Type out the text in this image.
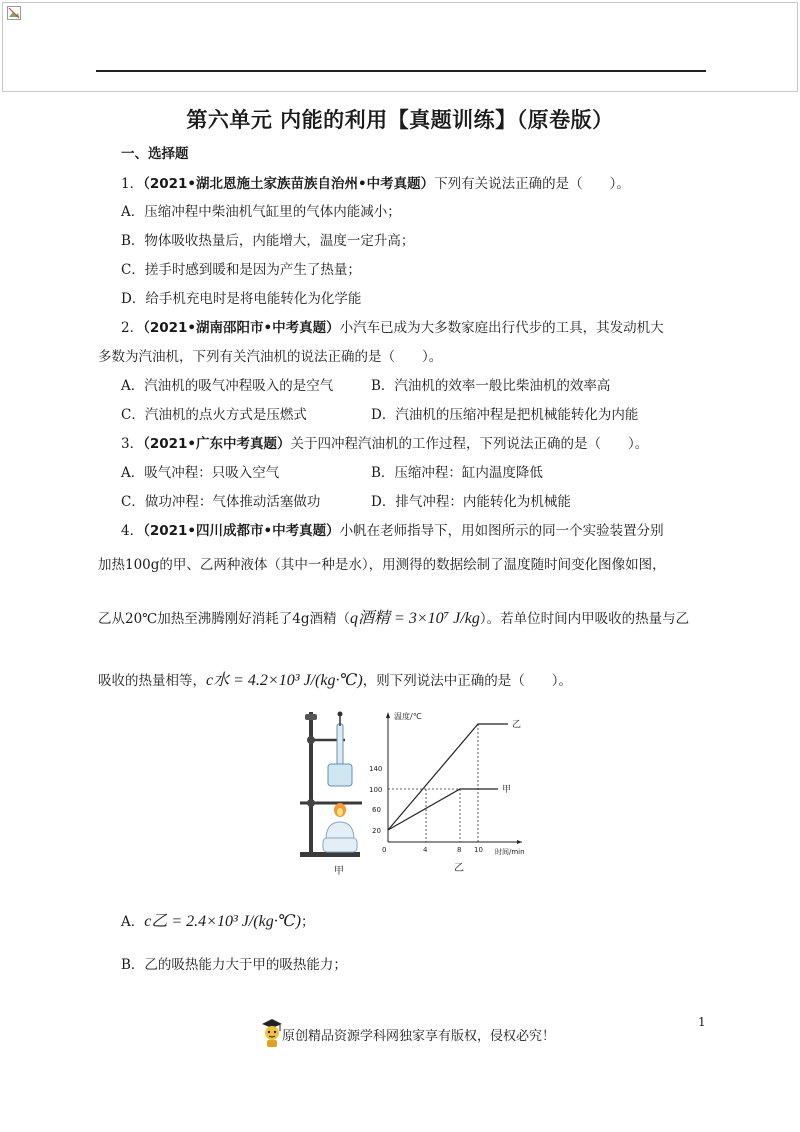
第六单元 内能的利用【真题训练】（原卷版）
一、选择题
1．（2021•湖北恩施土家族苗族自治州•中考真题）下列有关说法正确的是（　　）。
A．压缩冲程中柴油机气缸里的气体内能减小；
B．物体吸收热量后，内能增大，温度一定升高；
C．搓手时感到暖和是因为产生了热量；
D．给手机充电时是将电能转化为化学能
2．（2021•湖南邵阳市•中考真题）小汽车已成为大多数家庭出行代步的工具，其发动机大
多数为汽油机，下列有关汽油机的说法正确的是（　　）。
A．汽油机的吸气冲程吸入的是空气	B．汽油机的效率一般比柴油机的效率高
C．汽油机的点火方式是压燃式	D．汽油机的压缩冲程是把机械能转化为内能
3．（2021•广东中考真题）关于四冲程汽油机的工作过程，下列说法正确的是（　　）。
A．吸气冲程：只吸入空气	B．压缩冲程：缸内温度降低
C．做功冲程：气体推动活塞做功	D．排气冲程：内能转化为机械能
4．（2021•四川成都市•中考真题）小帆在老师指导下，用如图所示的同一个实验装置分别
加热100g的甲、乙两种液体（其中一种是水），用测得的数据绘制了温度随时间变化图像如图，
乙从20℃加热至沸腾刚好消耗了4g酒精（q酒精 = 3×10⁷ J/kg）。若单位时间内甲吸收的热量与乙
吸收的热量相等，c水 = 4.2×10³ J/(kg·℃)，则下列说法中正确的是（　　）。
甲
温度/℃
时间/min
20
60
100
140
0	4	8 10
乙
甲
乙
A．c乙 = 2.4×10³ J/(kg·℃)；
B．乙的吸热能力大于甲的吸热能力；
1
原创精品资源学科网独家享有版权，侵权必究！
